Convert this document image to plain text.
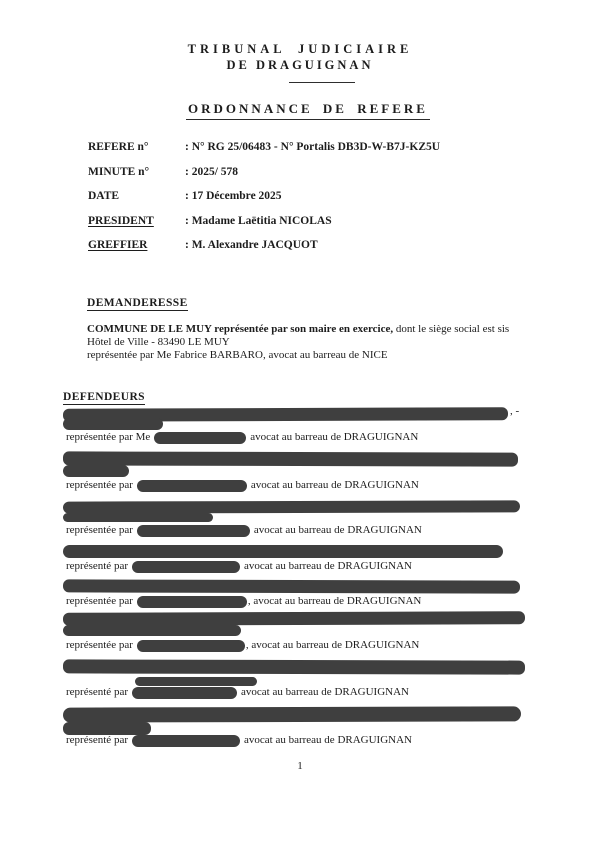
TRIBUNAL JUDICIAIRE
DE DRAGUIGNAN
ORDONNANCE DE REFERE
REFERE n°	: N° RG 25/06483 - N° Portalis DB3D-W-B7J-KZ5U
MINUTE n°	: 2025/ 578
DATE	: 17 Décembre 2025
PRESIDENT	: Madame Laëtitia NICOLAS
GREFFIER	: M. Alexandre JACQUOT
DEMANDERESSE
COMMUNE DE LE MUY représentée par son maire en exercice, dont le siège social est sis
Hôtel de Ville - 83490 LE MUY
représentée par Me Fabrice BARBARO, avocat au barreau de NICE
DEFENDEURS
, -
représentée par Me	avocat au barreau de DRAGUIGNAN
représentée par	avocat au barreau de DRAGUIGNAN
représentée par	avocat au barreau de DRAGUIGNAN
représenté par	avocat au barreau de DRAGUIGNAN
représentée par	, avocat au barreau de DRAGUIGNAN
représentée par	, avocat au barreau de DRAGUIGNAN
représenté par	avocat au barreau de DRAGUIGNAN
représenté par	avocat au barreau de DRAGUIGNAN
1
